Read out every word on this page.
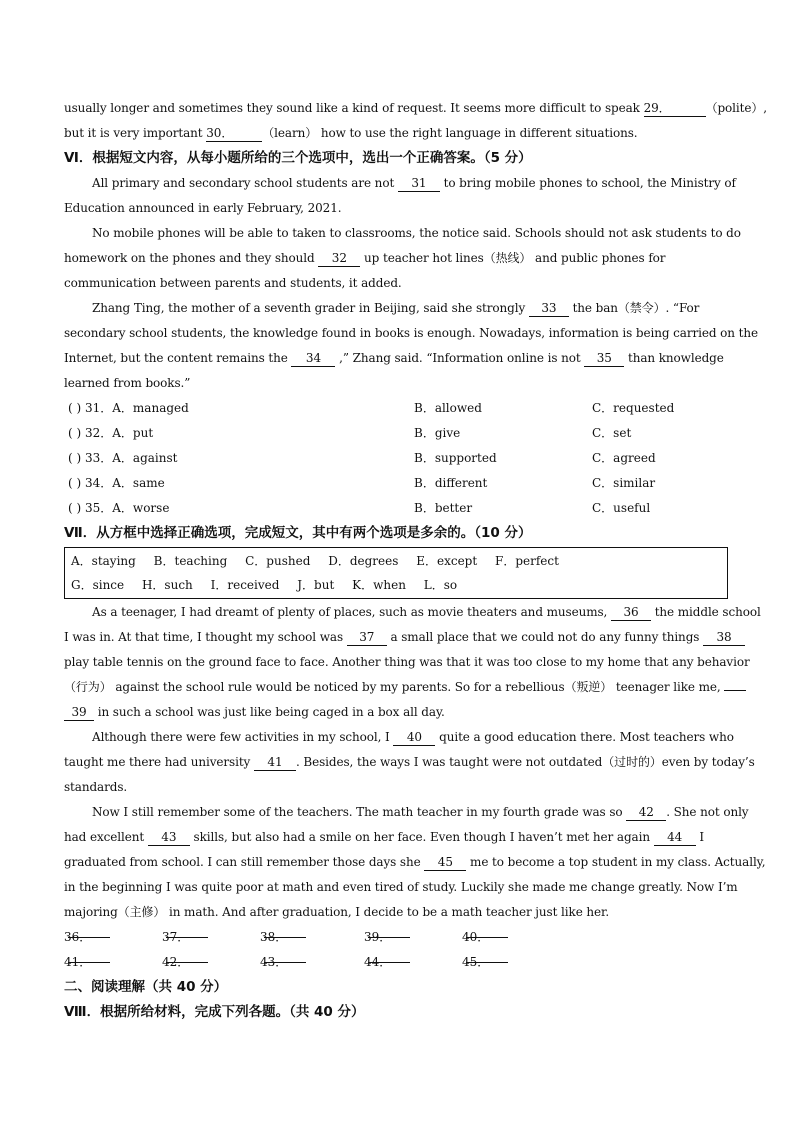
usually longer and sometimes they sound like a kind of request. It seems more difficult to speak 29．	（polite）,
but it is very important 30． （learn） how to use the right language in different situations.
Ⅵ．根据短文内容，从每小题所给的三个选项中，选出一个正确答案。（5 分）
All primary and secondary school students are not 31 to bring mobile phones to school, the Ministry of
Education announced in early February, 2021.
No mobile phones will be able to taken to classrooms, the notice said. Schools should not ask students to do
homework on the phones and they should 32 up teacher hot lines（热线） and public phones for
communication between parents and students, it added.
Zhang Ting, the mother of a seventh grader in Beijing, said she strongly 33 the ban（禁令）. “For
secondary school students, the knowledge found in books is enough. Nowadays, information is being carried on the
Internet, but the content remains the 34 ,” Zhang said. “Information online is not 35 than knowledge
learned from books.”
( ) 31．A．managed	B．allowed	C．requested
( ) 32．A．put	B．give	C．set
( ) 33．A．against	B．supported	C．agreed
( ) 34．A．same	B．different	C．similar
( ) 35．A．worse	B．better	C．useful
Ⅶ．从方框中选择正确选项，完成短文，其中有两个选项是多余的。（10 分）
A．staying B．teaching C．pushed D．degrees E．except F．perfect
G．since H．such I．received J．but K．when L．so
As a teenager, I had dreamt of plenty of places, such as movie theaters and museums, 36 the middle school
I was in. At that time, I thought my school was 37 a small place that we could not do any funny things 38
play table tennis on the ground face to face. Another thing was that it was too close to my home that any behavior
（行为） against the school rule would be noticed by my parents. So for a rebellious（叛逆） teenager like me,
39 in such a school was just like being caged in a box all day.
Although there were few activities in my school, I 40 quite a good education there. Most teachers who
taught me there had university 41 . Besides, the ways I was taught were not outdated（过时的）even by today’s
standards.
Now I still remember some of the teachers. The math teacher in my fourth grade was so 42 . She not only
had excellent 43 skills, but also had a smile on her face. Even though I haven’t met her again 44 I
graduated from school. I can still remember those days she 45 me to become a top student in my class. Actually,
in the beginning I was quite poor at math and even tired of study. Luckily she made me change greatly. Now I’m
majoring（主修） in math. And after graduation, I decide to be a math teacher just like her.
36．	37．	38．	39．	40．
41．	42．	43．	44．	45．
二、阅读理解（共 40 分）
Ⅷ．根据所给材料，完成下列各题。（共 40 分）
